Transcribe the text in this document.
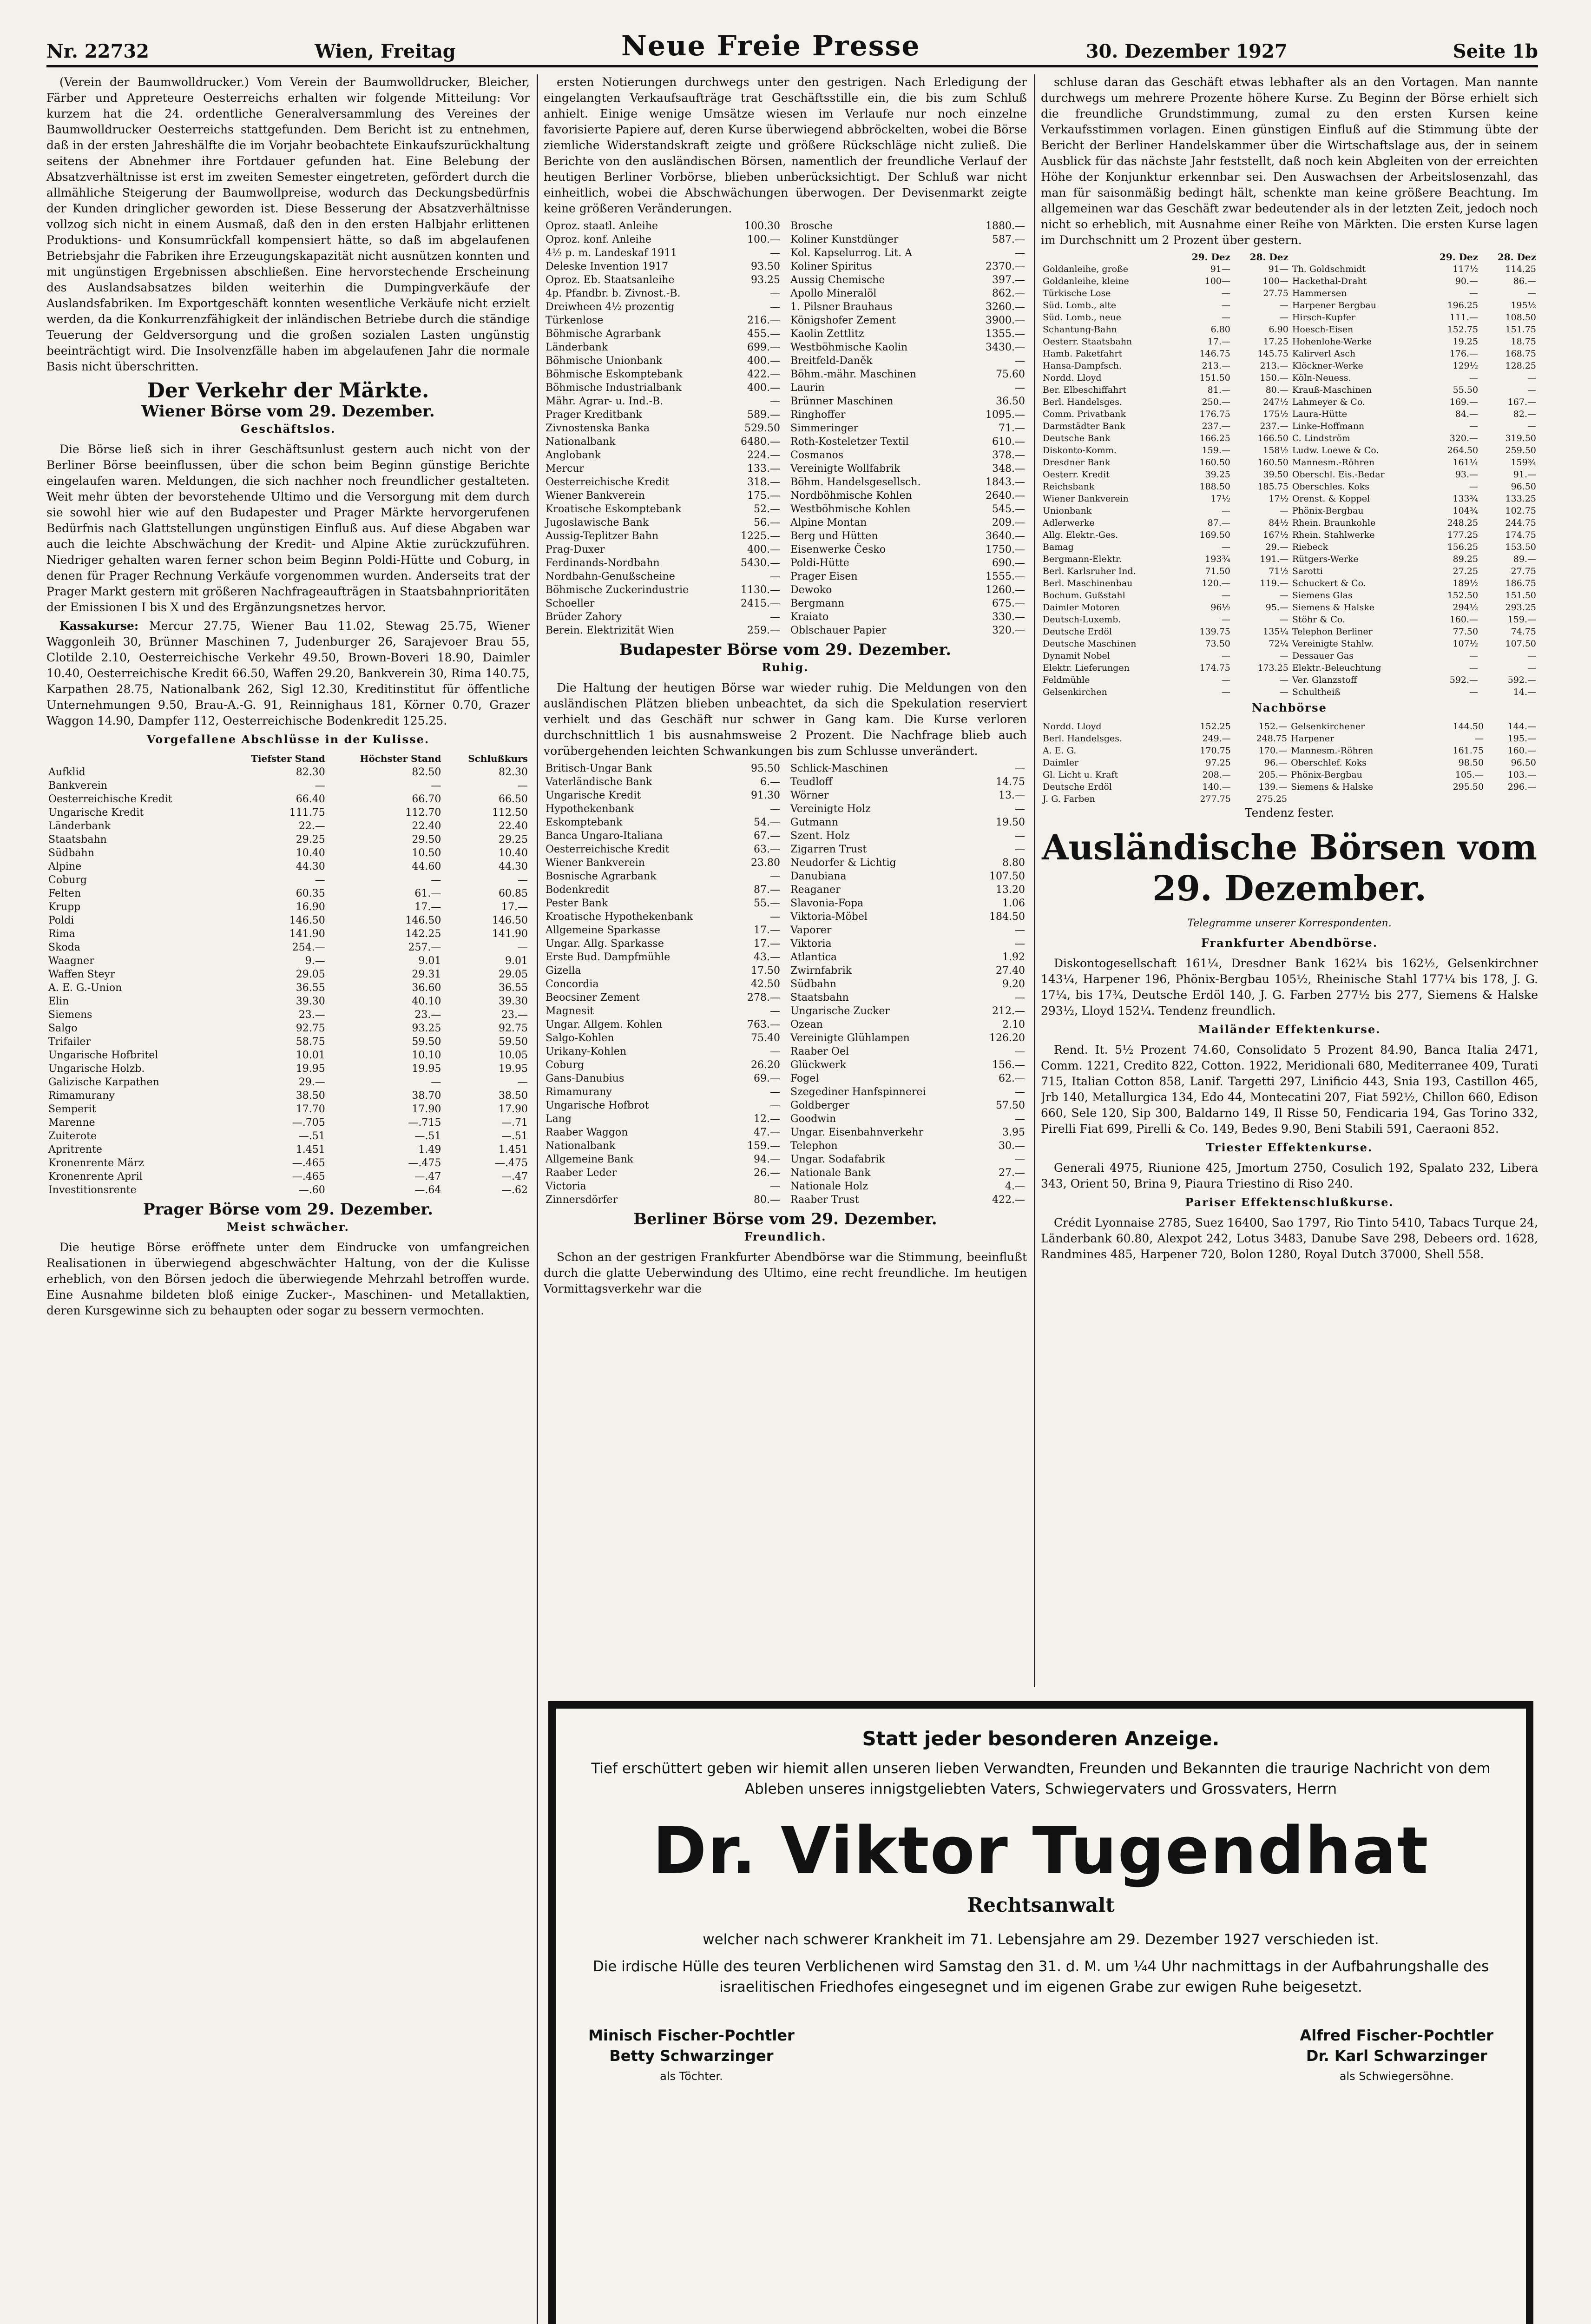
Nr. 22732	Wien, Freitag	Neue Freie Presse	30. Dezember 1927	Seite 1b

(Verein der Baumwolldrucker.) Vom Verein der Baumwolldrucker, Bleicher, Färber und Appreteure Oesterreichs erhalten wir folgende Mitteilung: Vor kurzem hat die 24. ordentliche Generalversammlung des Vereines der Baumwolldrucker Oesterreichs stattgefunden. Dem Bericht ist zu entnehmen, daß in der ersten Jahreshälfte die im Vorjahr beobachtete Einkaufszurückhaltung seitens der Abnehmer ihre Fortdauer gefunden hat. Eine Belebung der Absatzverhältnisse ist erst im zweiten Semester eingetreten, gefördert durch die allmähliche Steigerung der Baumwollpreise, wodurch das Deckungsbedürfnis der Kunden dringlicher geworden ist. Diese Besserung der Absatzverhältnisse vollzog sich nicht in einem Ausmaß, daß den in den ersten Halbjahr erlittenen Produktions- und Konsumrückfall kompensiert hätte, so daß im abgelaufenen Betriebsjahr die Fabriken ihre Erzeugungskapazität nicht ausnützen konnten und mit ungünstigen Ergebnissen abschließen. Eine hervorstechende Erscheinung des Auslandsabsatzes bilden weiterhin die Dumpingverkäufe der Auslandsfabriken. Im Exportgeschäft konnten wesentliche Verkäufe nicht erzielt werden, da die Konkurrenzfähigkeit der inländischen Betriebe durch die ständige Teuerung der Geldversorgung und die großen sozialen Lasten ungünstig beeinträchtigt wird. Die Insolvenzfälle haben im abgelaufenen Jahr die normale Basis nicht überschritten.

Der Verkehr der Märkte.
Wiener Börse vom 29. Dezember.
Geschäftslos.

Die Börse ließ sich in ihrer Geschäftsunlust gestern auch nicht von der Berliner Börse beeinflussen, über die schon beim Beginn günstige Berichte eingelaufen waren. Meldungen, die sich nachher noch freundlicher gestalteten. Weit mehr übten der bevorstehende Ultimo und die Versorgung mit dem durch sie sowohl hier wie auf den Budapester und Prager Märkte hervorgerufenen Bedürfnis nach Glattstellungen ungünstigen Einfluß aus. Auf diese Abgaben war auch die leichte Abschwächung der Kredit- und Alpine Aktie zurückzuführen. Niedriger gehalten waren ferner schon beim Beginn Poldi-Hütte und Coburg, in denen für Prager Rechnung Verkäufe vorgenommen wurden. Anderseits trat der Prager Markt gestern mit größeren Nachfrageaufträgen in Staatsbahnprioritäten der Emissionen I bis X und des Ergänzungsnetzes hervor.

Kassakurse: Mercur 27.75, Wiener Bau 11.02, Stewag 25.75, Wiener Waggonleih 30, Brünner Maschinen 7, Judenburger 26, Sarajevoer Brau 55, Clotilde 2.10, Oesterreichische Verkehr 49.50, Brown-Boveri 18.90, Daimler 10.40, Oesterreichische Kredit 66.50, Waffen 29.20, Bankverein 30, Rima 140.75, Karpathen 28.75, Nationalbank 262, Sigl 12.30, Kreditinstitut für öffentliche Unternehmungen 9.50, Brau-A.-G. 91, Reinnighaus 181, Körner 0.70, Grazer Waggon 14.90, Dampfer 112, Oesterreichische Bodenkredit 125.25.

Vorgefallene Abschlüsse in der Kulisse.
	Tiefster Stand	Höchster Stand	Schlußkurs
Aufklid	82.30	82.50	82.30
Bankverein	—	—	—
Oesterreichische Kredit	66.40	66.70	66.50
Ungarische Kredit	111.75	112.70	112.50
Länderbank	22.—	22.40	22.40
Staatsbahn	29.25	29.50	29.25
Südbahn	10.40	10.50	10.40
Alpine	44.30	44.60	44.30
Coburg	—	—	—
Felten	60.35	61.—	60.85
Krupp	16.90	17.—	17.—
Poldi	146.50	146.50	146.50
Rima	141.90	142.25	141.90
Skoda	254.—	257.—	—
Waagner	9.—	9.01	9.01
Waffen Steyr	29.05	29.31	29.05
A. E. G.-Union	36.55	36.60	36.55
Elin	39.30	40.10	39.30
Siemens	23.—	23.—	23.—
Salgo	92.75	93.25	92.75
Trifailer	58.75	59.50	59.50
Ungarische Hofbritel	10.01	10.10	10.05
Ungarische Holzb.	19.95	19.95	19.95
Galizische Karpathen	29.—	—	—
Rimamurany	38.50	38.70	38.50
Semperit	17.70	17.90	17.90
Marenne	—.705	—.715	—.71
Zuiterote	—.51	—.51	—.51
Apritrente	1.451	1.49	1.451
Kronenrente März	—.465	—.475	—.475
Kronenrente April	—.465	—.47	—.47
Investitionsrente	—.60	—.64	—.62
Prager Börse vom 29. Dezember.
Meist schwächer.

Die heutige Börse eröffnete unter dem Eindrucke von umfangreichen Realisationen in überwiegend abgeschwächter Haltung, von der die Kulisse erheblich, von den Börsen jedoch die überwiegende Mehrzahl betroffen wurde. Eine Ausnahme bildeten bloß einige Zucker-, Maschinen- und Metallaktien, deren Kursgewinne sich zu behaupten oder sogar zu bessern vermochten.

ersten Notierungen durchwegs unter den gestrigen. Nach Erledigung der eingelangten Verkaufsaufträge trat Geschäftsstille ein, die bis zum Schluß anhielt. Einige wenige Umsätze wiesen im Verlaufe nur noch einzelne favorisierte Papiere auf, deren Kurse überwiegend abbröckelten, wobei die Börse ziemliche Widerstandskraft zeigte und größere Rückschläge nicht zuließ. Die Berichte von den ausländischen Börsen, namentlich der freundliche Verlauf der heutigen Berliner Vorbörse, blieben unberücksichtigt. Der Schluß war nicht einheitlich, wobei die Abschwächungen überwogen. Der Devisenmarkt zeigte keine größeren Veränderungen.

Oproz. staatl. Anleihe	100.30
Oproz. konf. Anleihe	100.—
4½ p. m. Landeskaf 1911	—
Deleske Invention 1917	93.50
Oproz. Eb. Staatsanleihe	93.25
4p. Pfandbr. b. Zivnost.-B.	—
Dreiwheen 4½ prozentig	—
Türkenlose	216.—
Böhmische Agrarbank	455.—
Länderbank	699.—
Böhmische Unionbank	400.—
Böhmische Eskomptebank	422.—
Böhmische Industrialbank	400.—
Mähr. Agrar- u. Ind.-B.	—
Prager Kreditbank	589.—
Zivnostenska Banka	529.50
Nationalbank	6480.—
Anglobank	224.—
Mercur	133.—
Oesterreichische Kredit	318.—
Wiener Bankverein	175.—
Kroatische Eskomptebank	52.—
Jugoslawische Bank	56.—
Aussig-Teplitzer Bahn	1225.—
Prag-Duxer	400.—
Ferdinands-Nordbahn	5430.—
Nordbahn-Genußscheine	—
Böhmische Zuckerindustrie	1130.—
Schoeller	2415.—
Brüder Zahory	—
Berein. Elektrizität Wien	259.—
Brosche	1880.—
Koliner Kunstdünger	587.—
Kol. Kapselurrog. Lit. A	—
Koliner Spiritus	2370.—
Aussig Chemische	397.—
Apollo Mineralöl	862.—
1. Pilsner Brauhaus	3260.—
Königshofer Zement	3900.—
Kaolin Zettlitz	1355.—
Westböhmische Kaolin	3430.—
Breitfeld-Daněk	—
Böhm.-mähr. Maschinen	75.60
Laurin	—
Brünner Maschinen	36.50
Ringhoffer	1095.—
Simmeringer	71.—
Roth-Kosteletzer Textil	610.—
Cosmanos	378.—
Vereinigte Wollfabrik	348.—
Böhm. Handelsgesellsch.	1843.—
Nordböhmische Kohlen	2640.—
Westböhmische Kohlen	545.—
Alpine Montan	209.—
Berg und Hütten	3640.—
Eisenwerke Česko	1750.—
Poldi-Hütte	690.—
Prager Eisen	1555.—
Dewoko	1260.—
Bergmann	675.—
Kraiato	330.—
Oblschauer Papier	320.—
Budapester Börse vom 29. Dezember.
Ruhig.

Die Haltung der heutigen Börse war wieder ruhig. Die Meldungen von den ausländischen Plätzen blieben unbeachtet, da sich die Spekulation reserviert verhielt und das Geschäft nur schwer in Gang kam. Die Kurse verloren durchschnittlich 1 bis ausnahmsweise 2 Prozent. Die Nachfrage blieb auch vorübergehenden leichten Schwankungen bis zum Schlusse unverändert.

Britisch-Ungar Bank	95.50
Vaterländische Bank	6.—
Ungarische Kredit	91.30
Hypothekenbank	—
Eskomptebank	54.—
Banca Ungaro-Italiana	67.—
Oesterreichische Kredit	63.—
Wiener Bankverein	23.80
Bosnische Agrarbank	—
Bodenkredit	87.—
Pester Bank	55.—
Kroatische Hypothekenbank	—
Allgemeine Sparkasse	17.—
Ungar. Allg. Sparkasse	17.—
Erste Bud. Dampfmühle	43.—
Gizella	17.50
Concordia	42.50
Beocsiner Zement	278.—
Magnesit	—
Ungar. Allgem. Kohlen	763.—
Salgo-Kohlen	75.40
Urikany-Kohlen	—
Coburg	26.20
Gans-Danubius	69.—
Rimamurany	—
Ungarische Hofbrot	—
Lang	12.—
Raaber Waggon	47.—
Nationalbank	159.—
Allgemeine Bank	94.—
Raaber Leder	26.—
Victoria	—
Zinnersdörfer	80.—
Schlick-Maschinen	—
Teudloff	14.75
Wörner	13.—
Vereinigte Holz	—
Gutmann	19.50
Szent. Holz	—
Zigarren Trust	—
Neudorfer & Lichtig	8.80
Danubiana	107.50
Reaganer	13.20
Slavonia-Fopa	1.06
Viktoria-Möbel	184.50
Vaporer	—
Viktoria	—
Atlantica	1.92
Zwirnfabrik	27.40
Südbahn	9.20
Staatsbahn	—
Ungarische Zucker	212.—
Ozean	2.10
Vereinigte Glühlampen	126.20
Raaber Oel	—
Glückwerk	156.—
Fogel	62.—
Szegediner Hanfspinnerei	—
Goldberger	57.50
Goodwin	—
Ungar. Eisenbahnverkehr	3.95
Telephon	30.—
Ungar. Sodafabrik	—
Nationale Bank	27.—
Nationale Holz	4.—
Raaber Trust	422.—
Berliner Börse vom 29. Dezember.
Freundlich.

Schon an der gestrigen Frankfurter Abendbörse war die Stimmung, beeinflußt durch die glatte Ueberwindung des Ultimo, eine recht freundliche. Im heutigen Vormittagsverkehr war die

schluse daran das Geschäft etwas lebhafter als an den Vortagen. Man nannte durchwegs um mehrere Prozente höhere Kurse. Zu Beginn der Börse erhielt sich die freundliche Grundstimmung, zumal zu den ersten Kursen keine Verkaufsstimmen vorlagen. Einen günstigen Einfluß auf die Stimmung übte der Bericht der Berliner Handelskammer über die Wirtschaftslage aus, der in seinem Ausblick für das nächste Jahr feststellt, daß noch kein Abgleiten von der erreichten Höhe der Konjunktur erkennbar sei. Den Auswachsen der Arbeitslosenzahl, das man für saisonmäßig bedingt hält, schenkte man keine größere Beachtung. Im allgemeinen war das Geschäft zwar bedeutender als in der letzten Zeit, jedoch noch nicht so erheblich, mit Ausnahme einer Reihe von Märkten. Die ersten Kurse lagen im Durchschnitt um 2 Prozent über gestern.

	29. Dez	28. Dez		29. Dez	28. Dez
Goldanleihe, große	91—	91—	Th. Goldschmidt	117½	114.25
Goldanleihe, kleine	100—	100—	Hackethal-Draht	90.—	86.—
Türkische Lose	—	27.75	Hammersen	—	—
Süd. Lomb., alte	—	—	Harpener Bergbau	196.25	195½
Süd. Lomb., neue	—	—	Hirsch-Kupfer	111.—	108.50
Schantung-Bahn	6.80	6.90	Hoesch-Eisen	152.75	151.75
Oesterr. Staatsbahn	17.—	17.25	Hohenlohe-Werke	19.25	18.75
Hamb. Paketfahrt	146.75	145.75	Kalirverl Asch	176.—	168.75
Hansa-Dampfsch.	213.—	213.—	Klöckner-Werke	129½	128.25
Nordd. Lloyd	151.50	150.—	Köln-Neuess.	—	—
Ber. Elbeschiffahrt	81.—	80.—	Krauß-Maschinen	55.50	—
Berl. Handelsges.	250.—	247½	Lahmeyer & Co.	169.—	167.—
Comm. Privatbank	176.75	175½	Laura-Hütte	84.—	82.—
Darmstädter Bank	237.—	237.—	Linke-Hoffmann	—	—
Deutsche Bank	166.25	166.50	C. Lindström	320.—	319.50
Diskonto-Komm.	159.—	158½	Ludw. Loewe & Co.	264.50	259.50
Dresdner Bank	160.50	160.50	Mannesm.-Röhren	161¼	159¾
Oesterr. Kredit	39.25	39.50	Oberschl. Eis.-Bedar	93.—	91.—
Reichsbank	188.50	185.75	Oberschles. Koks	—	96.50
Wiener Bankverein	17½	17½	Orenst. & Koppel	133¾	133.25
Unionbank	—	—	Phönix-Bergbau	104¾	102.75
Adlerwerke	87.—	84½	Rhein. Braunkohle	248.25	244.75
Allg. Elektr.-Ges.	169.50	167½	Rhein. Stahlwerke	177.25	174.75
Bamag	—	29.—	Riebeck	156.25	153.50
Bergmann-Elektr.	193¾	191.—	Rütgers-Werke	89.25	89.—
Berl. Karlsruher Ind.	71.50	71½	Sarotti	27.25	27.75
Berl. Maschinenbau	120.—	119.—	Schuckert & Co.	189½	186.75
Bochum. Gußstahl	—	—	Siemens Glas	152.50	151.50
Daimler Motoren	96½	95.—	Siemens & Halske	294½	293.25
Deutsch-Luxemb.	—	—	Stöhr & Co.	160.—	159.—
Deutsche Erdöl	139.75	135¼	Telephon Berliner	77.50	74.75
Deutsche Maschinen	73.50	72¼	Vereinigte Stahlw.	107½	107.50
Dynamit Nobel	—	—	Dessauer Gas	—	—
Elektr. Lieferungen	174.75	173.25	Elektr.-Beleuchtung	—	—
Feldmühle	—	—	Ver. Glanzstoff	592.—	592.—
Gelsenkirchen	—	—	Schultheiß	—	14.—
Nachbörse
Nordd. Lloyd	152.25	152.—	Gelsenkirchener	144.50	144.—
Berl. Handelsges.	249.—	248.75	Harpener	—	195.—
A. E. G.	170.75	170.—	Mannesm.-Röhren	161.75	160.—
Daimler	97.25	96.—	Oberschlef. Koks	98.50	96.50
Gl. Licht u. Kraft	208.—	205.—	Phönix-Bergbau	105.—	103.—
Deutsche Erdöl	140.—	139.—	Siemens & Halske	295.50	296.—
J. G. Farben	277.75	275.25			

Tendenz fester.

Ausländische Börsen vom 29. Dezember.
Telegramme unserer Korrespondenten.
Frankfurter Abendbörse.

Diskontogesellschaft 161¼, Dresdner Bank 162¼ bis 162½, Gelsenkirchner 143¼, Harpener 196, Phönix-Bergbau 105½, Rheinische Stahl 177¼ bis 178, J. G. 17¼, bis 17¾, Deutsche Erdöl 140, J. G. Farben 277½ bis 277, Siemens & Halske 293½, Lloyd 152¼. Tendenz freundlich.

Mailänder Effektenkurse.

Rend. It. 5½ Prozent 74.60, Consolidato 5 Prozent 84.90, Banca Italia 2471, Comm. 1221, Credito 822, Cotton. 1922, Meridionali 680, Mediterranee 409, Turati 715, Italian Cotton 858, Lanif. Targetti 297, Linificio 443, Snia 193, Castillon 465, Jrb 140, Metallurgica 134, Edo 44, Montecatini 207, Fiat 592½, Chillon 660, Edison 660, Sele 120, Sip 300, Baldarno 149, Il Risse 50, Fendicaria 194, Gas Torino 332, Pirelli Fiat 699, Pirelli & Co. 149, Bedes 9.90, Beni Stabili 591, Caeraoni 852.

Triester Effektenkurse.

Generali 4975, Riunione 425, Jmortum 2750, Cosulich 192, Spalato 232, Libera 343, Orient 50, Brina 9, Piaura Triestino di Riso 240.

Pariser Effektenschlußkurse.

Crédit Lyonnaise 2785, Suez 16400, Sao 1797, Rio Tinto 5410, Tabacs Turque 24, Länderbank 60.80, Alexpot 242, Lotus 3483, Danube Save 298, Debeers ord. 1628, Randmines 485, Harpener 720, Bolon 1280, Royal Dutch 37000, Shell 558.

Statt jeder besonderen Anzeige.
Tief erschüttert geben wir hiemit allen unseren lieben Verwandten, Freunden und Bekannten die traurige Nachricht von dem Ableben unseres innigstgeliebten Vaters, Schwiegervaters und Grossvaters, Herrn
Dr. Viktor Tugendhat
Rechtsanwalt
welcher nach schwerer Krankheit im 71. Lebensjahre am 29. Dezember 1927 verschieden ist.
Die irdische Hülle des teuren Verblichenen wird Samstag den 31. d. M. um ¼4 Uhr nachmittags in der Aufbahrungshalle des israelitischen Friedhofes eingesegnet und im eigenen Grabe zur ewigen Ruhe beigesetzt.
Minisch Fischer-Pochtler
Betty Schwarzinger
als Töchter.
Alfred Fischer-Pochtler
Dr. Karl Schwarzinger
als Schwiegersöhne.
